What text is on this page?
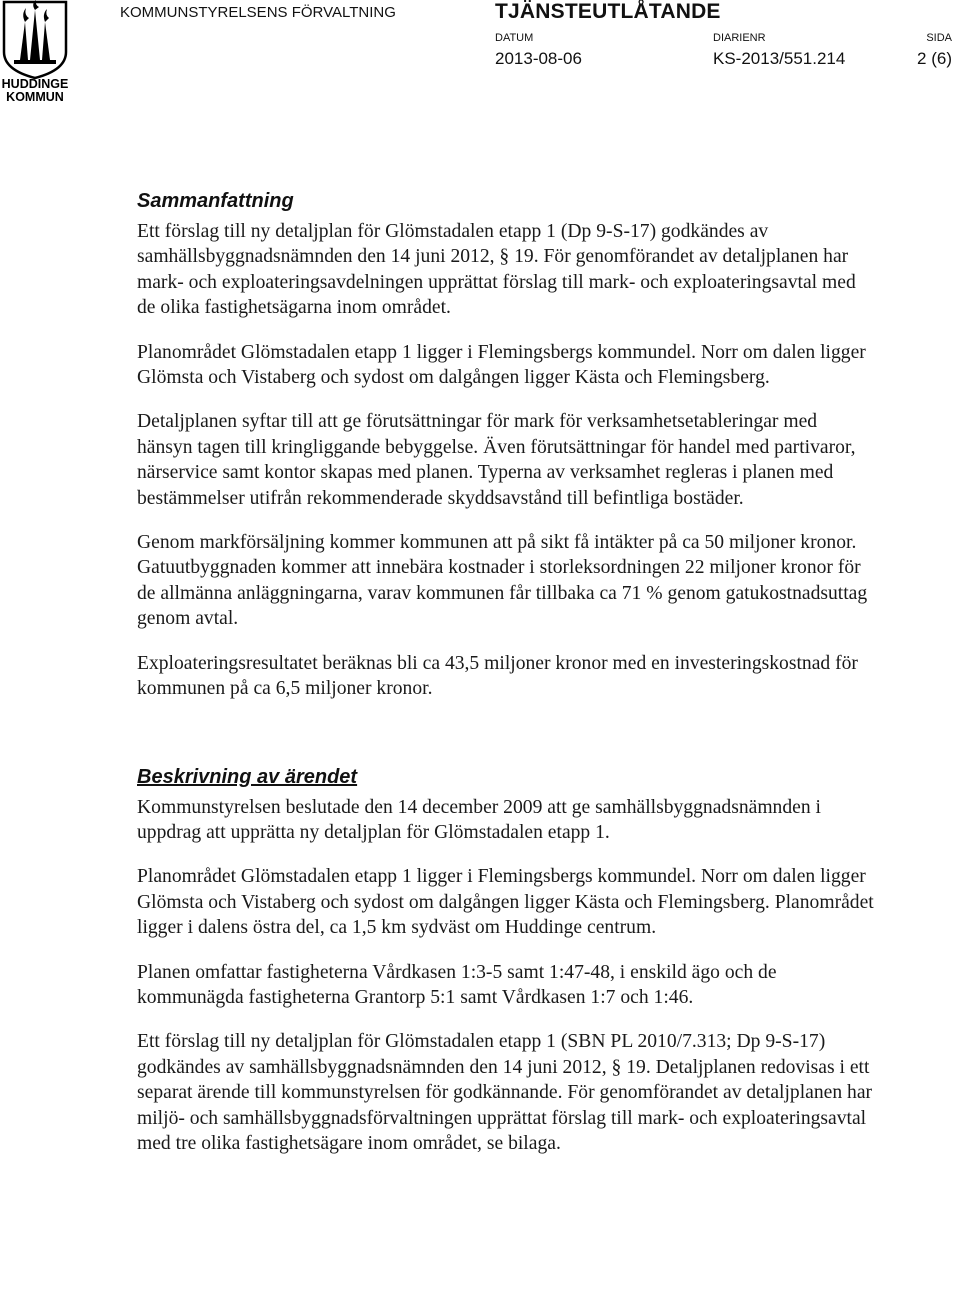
HUDDINGE
KOMMUN
KOMMUNSTYRELSENS FÖRVALTNING	TJÄNSTEUTLÅTANDE
DATUM
2013-08-06
DIARIENR
KS-2013/551.214
SIDA
2 (6)
Sammanfattning

Ett förslag till ny detaljplan för Glömstadalen etapp 1 (Dp 9-S-17) godkändes av samhällsbyggnadsnämnden den 14 juni 2012, § 19. För genomförandet av detaljplanen har mark- och exploateringsavdelningen upprättat förslag till mark- och exploateringsavtal med de olika fastighetsägarna inom området.

Planområdet Glömstadalen etapp 1 ligger i Flemingsbergs kommundel. Norr om dalen ligger Glömsta och Vistaberg och sydost om dalgången ligger Kästa och Flemingsberg.

Detaljplanen syftar till att ge förutsättningar för mark för verksamhetsetableringar med hänsyn tagen till kringliggande bebyggelse. Även förutsättningar för handel med partivaror, närservice samt kontor skapas med planen. Typerna av verksamhet regleras i planen med bestämmelser utifrån rekommenderade skyddsavstånd till befintliga bostäder.

Genom markförsäljning kommer kommunen att på sikt få intäkter på ca 50 miljoner kronor. Gatuutbyggnaden kommer att innebära kostnader i storleksordningen 22 miljoner kronor för de allmänna anläggningarna, varav kommunen får tillbaka ca 71 % genom gatukostnadsuttag genom avtal.

Exploateringsresultatet beräknas bli ca 43,5 miljoner kronor med en investeringskostnad för kommunen på ca 6,5 miljoner kronor.

Beskrivning av ärendet

Kommunstyrelsen beslutade den 14 december 2009 att ge samhällsbyggnadsnämnden i uppdrag att upprätta ny detaljplan för Glömstadalen etapp 1.

Planområdet Glömstadalen etapp 1 ligger i Flemingsbergs kommundel. Norr om dalen ligger Glömsta och Vistaberg och sydost om dalgången ligger Kästa och Flemingsberg. Planområdet ligger i dalens östra del, ca 1,5 km sydväst om Huddinge centrum.

Planen omfattar fastigheterna Vårdkasen 1:3-5 samt 1:47-48, i enskild ägo och de kommunägda fastigheterna Grantorp 5:1 samt Vårdkasen 1:7 och 1:46.

Ett förslag till ny detaljplan för Glömstadalen etapp 1 (SBN PL 2010/7.313; Dp 9-S-17) godkändes av samhällsbyggnadsnämnden den 14 juni 2012, § 19. Detaljplanen redovisas i ett separat ärende till kommunstyrelsen för godkännande. För genomförandet av detaljplanen har miljö- och samhällsbyggnadsförvaltningen upprättat förslag till mark- och exploateringsavtal med tre olika fastighetsägare inom området, se bilaga.
